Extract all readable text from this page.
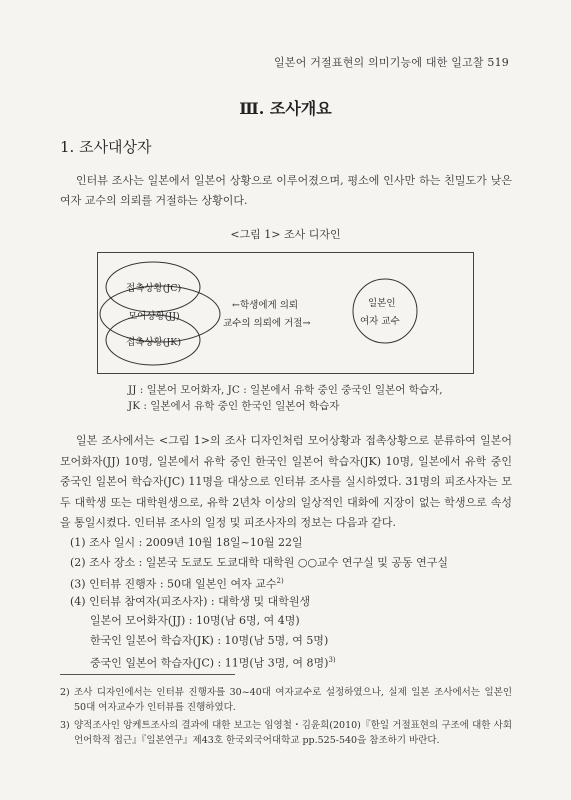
일본어 거절표현의 의미기능에 대한 일고찰 519
Ⅲ. 조사개요
1. 조사대상자
인터뷰 조사는 일본에서 일본어 상황으로 이루어졌으며, 평소에 인사만 하는 친밀도가 낮은 여자 교수의 의뢰를 거절하는 상황이다.
<그림 1> 조사 디자인
접촉상황(JC)
모어상황(JJ)
접촉상황(JK)
←학생에게 의뢰
교수의 의뢰에 거절→
일본인
여자 교수
JJ : 일본어 모어화자, JC : 일본에서 유학 중인 중국인 일본어 학습자,
JK : 일본에서 유학 중인 한국인 일본어 학습자
일본 조사에서는 <그림 1>의 조사 디자인처럼 모어상황과 접촉상황으로 분류하여 일본어 모어화자(JJ) 10명, 일본에서 유학 중인 한국인 일본어 학습자(JK) 10명, 일본에서 유학 중인 중국인 일본어 학습자(JC) 11명을 대상으로 인터뷰 조사를 실시하였다. 31명의 피조사자는 모두 대학생 또는 대학원생으로, 유학 2년차 이상의 일상적인 대화에 지장이 없는 학생으로 속성을 통일시켰다. 인터뷰 조사의 일정 및 피조사자의 정보는 다음과 같다.
(1) 조사 일시 : 2009년 10월 18일~10월 22일
(2) 조사 장소 : 일본국 도쿄도 도쿄대학 대학원 ○○교수 연구실 및 공동 연구실
(3) 인터뷰 진행자 : 50대 일본인 여자 교수$^{2)}$
(4) 인터뷰 참여자(피조사자) : 대학생 및 대학원생
일본어 모어화자(JJ) : 10명(남 6명, 여 4명)
한국인 일본어 학습자(JK) : 10명(남 5명, 여 5명)
중국인 일본어 학습자(JC) : 11명(남 3명, 여 8명)$^{3)}$
2) 조사 디자인에서는 인터뷰 진행자를 30~40대 여자교수로 설정하였으나, 실제 일본 조사에서는 일본인 50대 여자교수가 인터뷰를 진행하였다.
3) 양적조사인 앙케트조사의 결과에 대한 보고는 임영철・김윤희(2010)『한일 거절표현의 구조에 대한 사회언어학적 접근』『일본연구』제43호 한국외국어대학교 pp.525-540을 참조하기 바란다.
